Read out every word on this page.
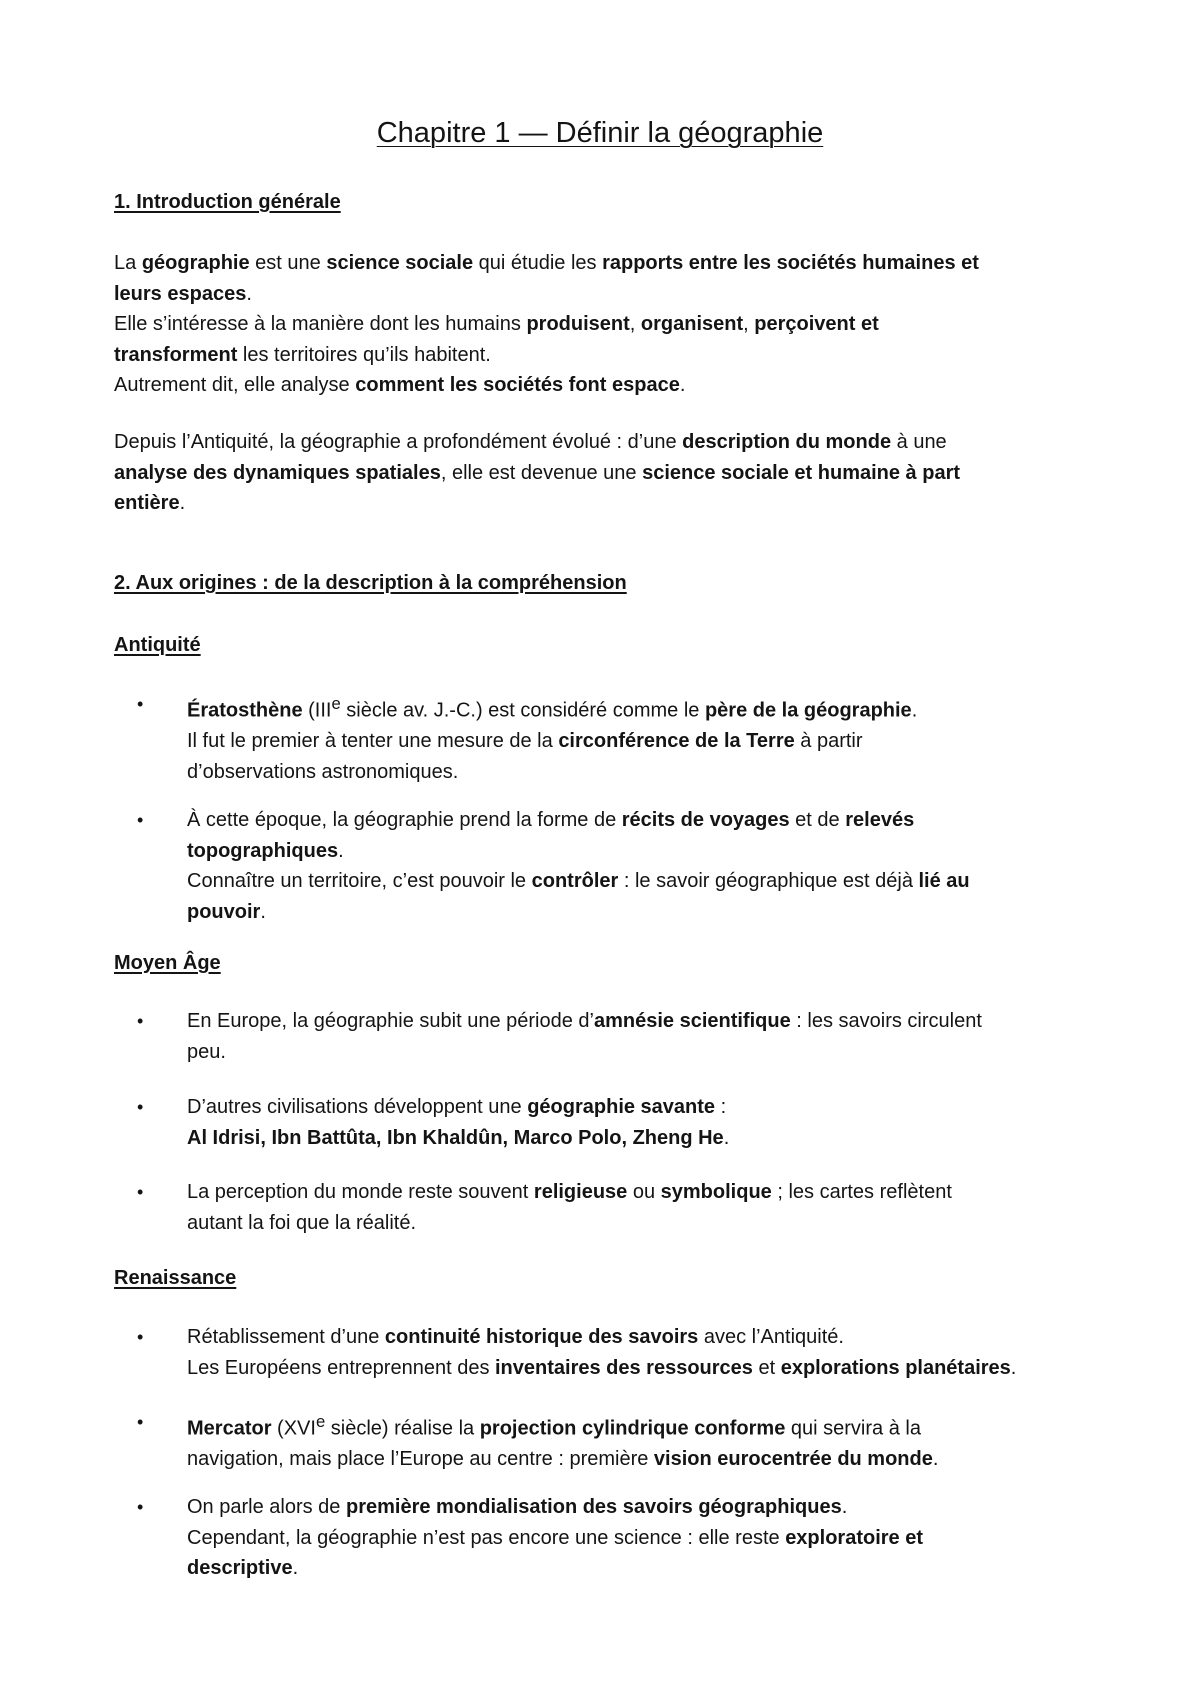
Chapitre 1 — Définir la géographie
1. Introduction générale

La géographie est une science sociale qui étudie les rapports entre les sociétés humaines et
leurs espaces.
Elle s’intéresse à la manière dont les humains produisent, organisent, perçoivent et
transforment les territoires qu’ils habitent.
Autrement dit, elle analyse comment les sociétés font espace.

Depuis l’Antiquité, la géographie a profondément évolué : d’une description du monde à une
analyse des dynamiques spatiales, elle est devenue une science sociale et humaine à part
entière.

2. Aux origines : de la description à la compréhension
Antiquité

• Ératosthène (IIIe siècle av. J.-C.) est considéré comme le père de la géographie.
Il fut le premier à tenter une mesure de la circonférence de la Terre à partir
d’observations astronomiques.

• À cette époque, la géographie prend la forme de récits de voyages et de relevés
topographiques.
Connaître un territoire, c’est pouvoir le contrôler : le savoir géographique est déjà lié au
pouvoir.

Moyen Âge

• En Europe, la géographie subit une période d’amnésie scientifique : les savoirs circulent
peu.

• D’autres civilisations développent une géographie savante :
Al Idrisi, Ibn Battûta, Ibn Khaldûn, Marco Polo, Zheng He.

• La perception du monde reste souvent religieuse ou symbolique ; les cartes reflètent
autant la foi que la réalité.

Renaissance

• Rétablissement d’une continuité historique des savoirs avec l’Antiquité.
Les Européens entreprennent des inventaires des ressources et explorations planétaires.

• Mercator (XVIe siècle) réalise la projection cylindrique conforme qui servira à la
navigation, mais place l’Europe au centre : première vision eurocentrée du monde.

• On parle alors de première mondialisation des savoirs géographiques.
Cependant, la géographie n’est pas encore une science : elle reste exploratoire et
descriptive.
